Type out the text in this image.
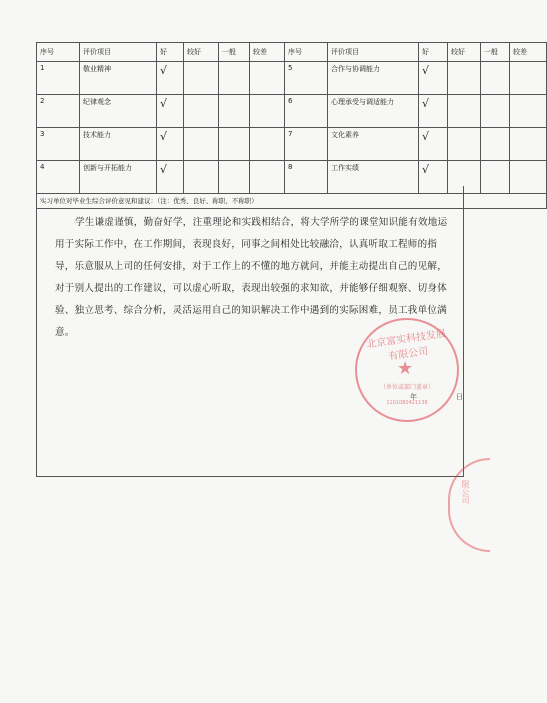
序号	评价项目	好	较好	一般	较差	序号	评价项目	好	较好	一般	较差
1	敬业精神	√				5	合作与协调能力	√			
2	纪律观念	√				6	心理承受与调适能力	√			
3	技术能力	√				7	文化素养	√			
4	创新与开拓能力	√				8	工作实绩	√			
实习单位对毕业生综合评价意见和建议：（注：优秀、良好、称职、不称职）											
学生谦虚谨慎，勤奋好学，注重理论和实践相结合，将大学所学的课堂知识能有效地运用于实际工作中，在工作期间，表现良好，同事之间相处比较融洽，认真听取工程师的指导，乐意服从上司的任何安排，对于工作上的不懂的地方就问，并能主动提出自己的见解，对于别人提出的工作建议，可以虚心听取，表现出较强的求知欲，并能够仔细观察、切身体验、独立思考、综合分析，灵活运用自己的知识解决工作中遇到的实际困难，员工我单位满意。	北京富实科技发展有限公司
★
（单位或部门盖章）
1101082421138
年	日
限公司
